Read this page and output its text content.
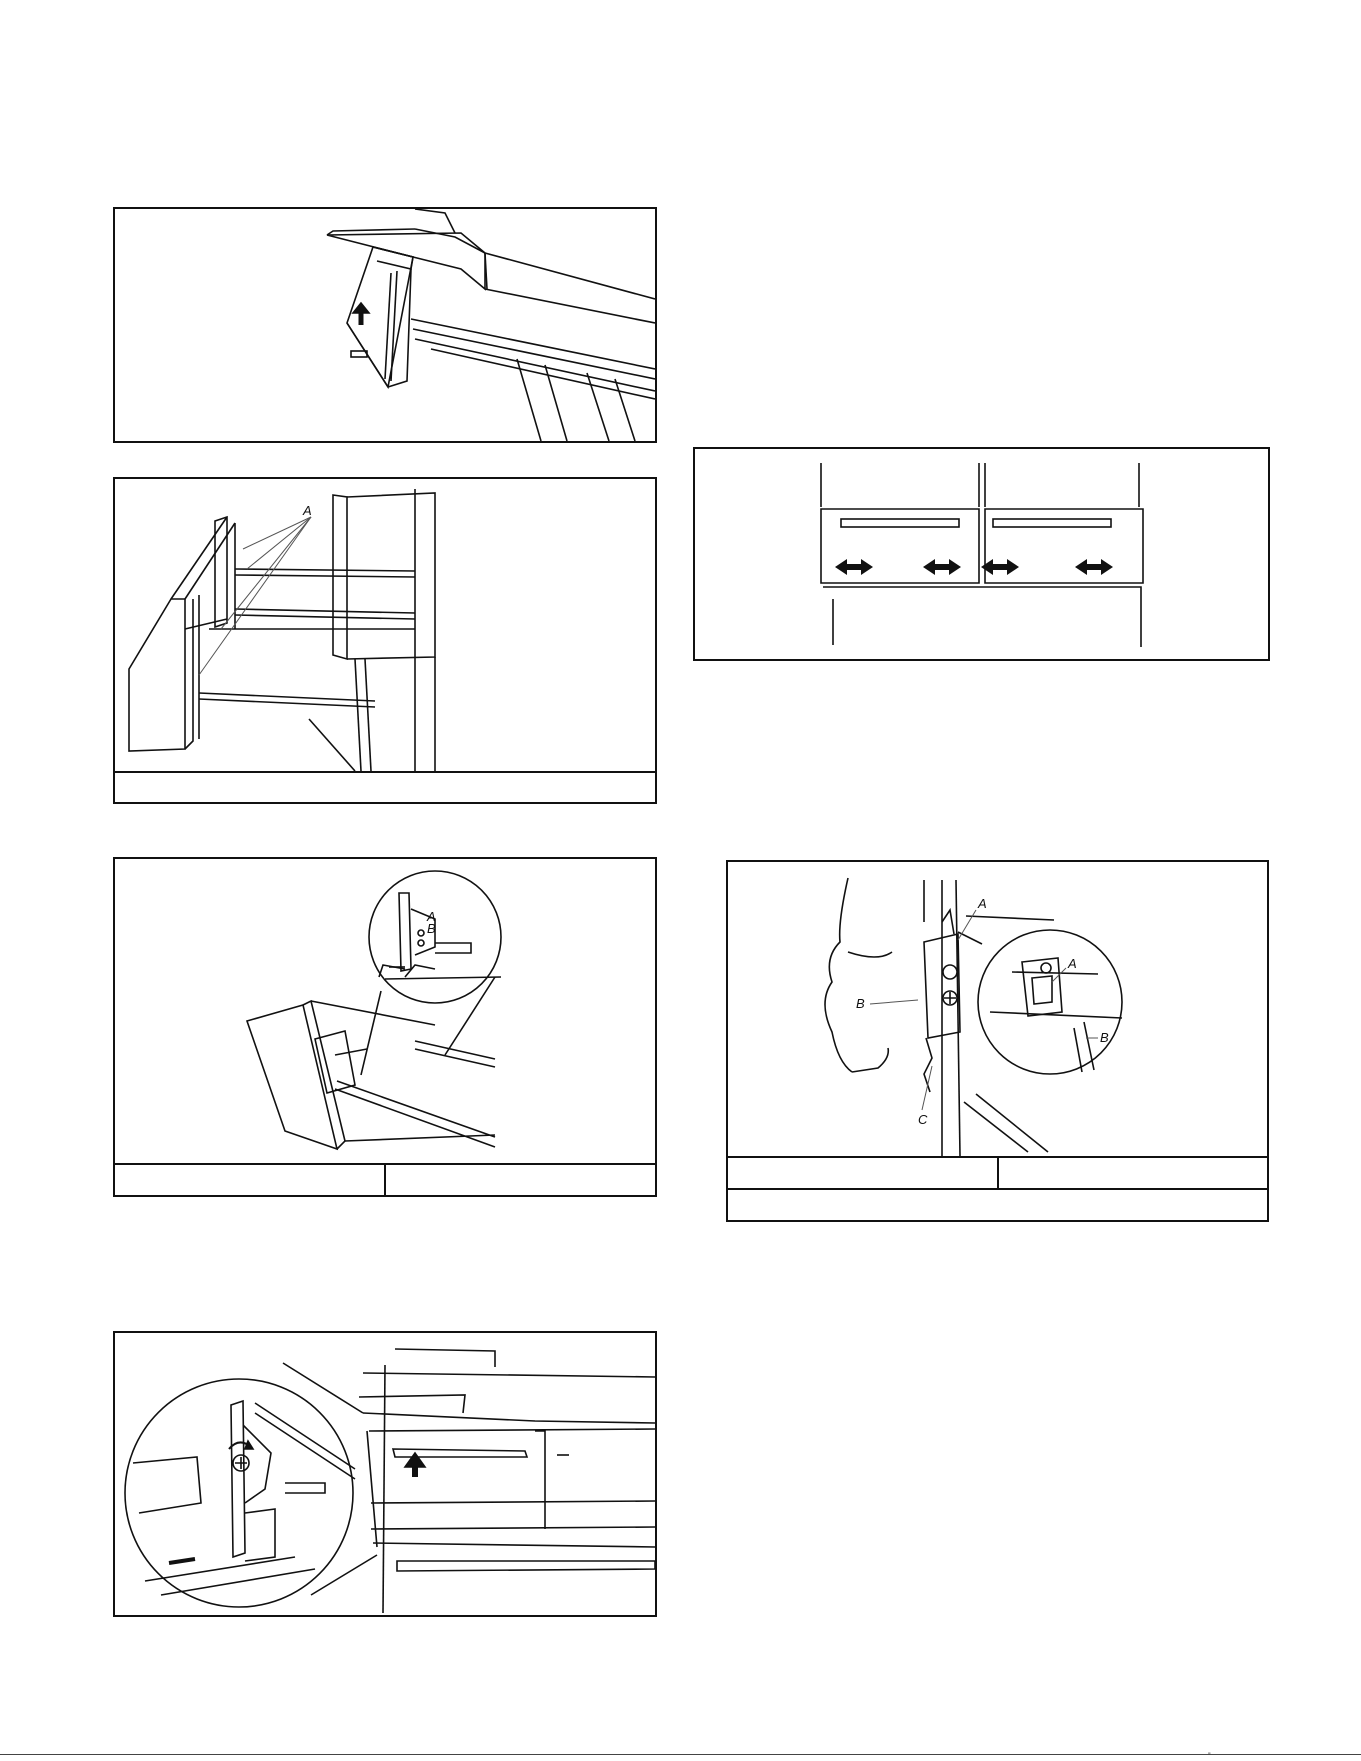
A
A
B
A
B
C
A
B
-
